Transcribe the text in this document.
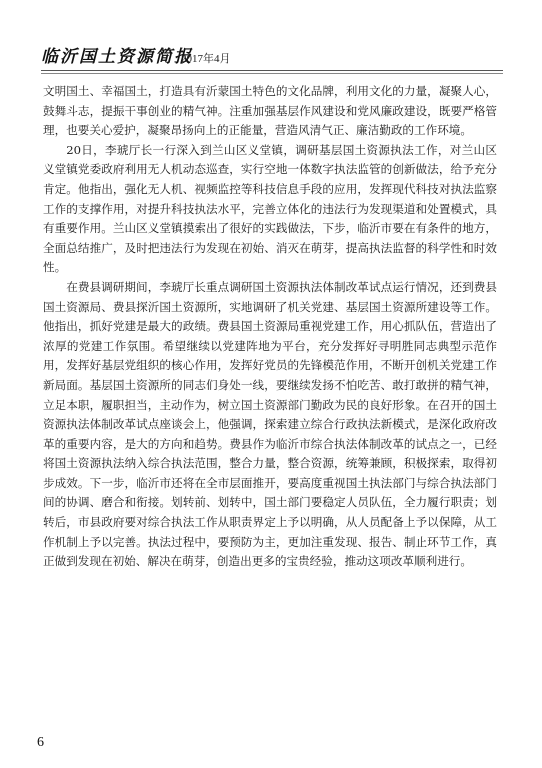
临沂国土资源简报
2017年4月

文明国土、幸福国土，打造具有沂蒙国土特色的文化品牌，利用文化的力量，凝聚人心，鼓舞斗志，提振干事创业的精气神。注重加强基层作风建设和党风廉政建设，既要严格管理，也要关心爱护，凝聚昂扬向上的正能量，营造风清气正、廉洁勤政的工作环境。

20日，李琥厅长一行深入到兰山区义堂镇，调研基层国土资源执法工作，对兰山区义堂镇党委政府利用无人机动态巡查，实行空地一体数字执法监管的创新做法，给予充分肯定。他指出，强化无人机、视频监控等科技信息手段的应用，发挥现代科技对执法监察工作的支撑作用，对提升科技执法水平，完善立体化的违法行为发现渠道和处置模式，具有重要作用。兰山区义堂镇摸索出了很好的实践做法，下步，临沂市要在有条件的地方，全面总结推广，及时把违法行为发现在初始、消灭在萌芽，提高执法监督的科学性和时效性。

在费县调研期间，李琥厅长重点调研国土资源执法体制改革试点运行情况，还到费县国土资源局、费县探沂国土资源所，实地调研了机关党建、基层国土资源所建设等工作。他指出，抓好党建是最大的政绩。费县国土资源局重视党建工作，用心抓队伍，营造出了浓厚的党建工作氛围。希望继续以党建阵地为平台，充分发挥好寻明胜同志典型示范作用，发挥好基层党组织的核心作用，发挥好党员的先锋模范作用，不断开创机关党建工作新局面。基层国土资源所的同志们身处一线，要继续发扬不怕吃苦、敢打敢拼的精气神，立足本职，履职担当，主动作为，树立国土资源部门勤政为民的良好形象。在召开的国土资源执法体制改革试点座谈会上，他强调，探索建立综合行政执法新模式，是深化政府改革的重要内容，是大的方向和趋势。费县作为临沂市综合执法体制改革的试点之一，已经将国土资源执法纳入综合执法范围，整合力量，整合资源，统筹兼顾，积极探索，取得初步成效。下一步，临沂市还将在全市层面推开，要高度重视国土执法部门与综合执法部门间的协调、磨合和衔接。划转前、划转中，国土部门要稳定人员队伍，全力履行职责；划转后，市县政府要对综合执法工作从职责界定上予以明确，从人员配备上予以保障，从工作机制上予以完善。执法过程中，要预防为主，更加注重发现、报告、制止环节工作，真正做到发现在初始、解决在萌芽，创造出更多的宝贵经验，推动这项改革顺利进行。

6
